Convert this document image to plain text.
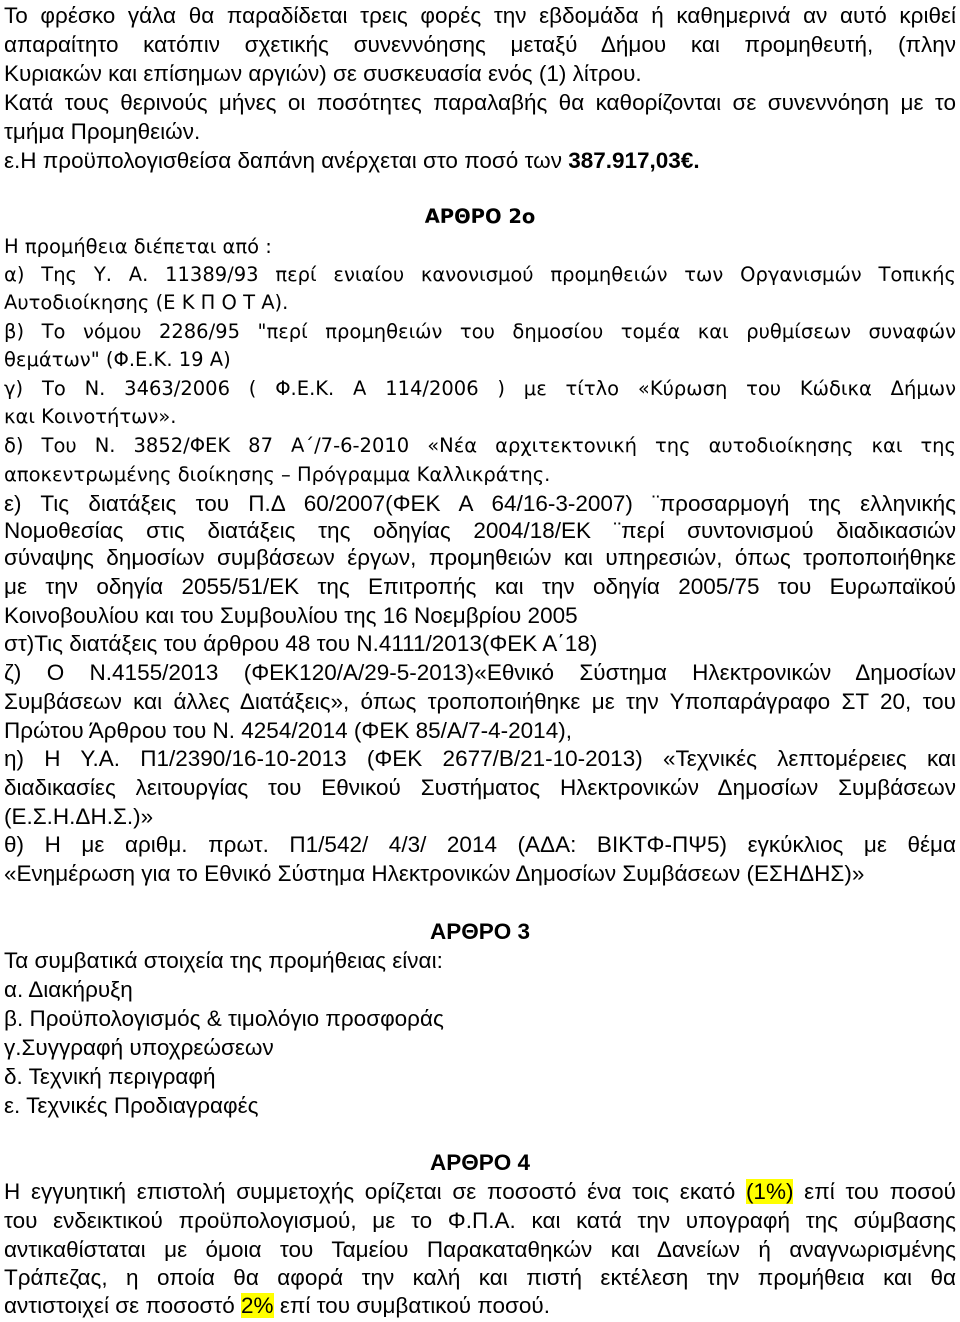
Το φρέσκο γάλα θα παραδίδεται τρεις φορές την εβδομάδα ή καθημερινά αν αυτό κριθεί
απαραίτητο κατόπιν σχετικής συνεννόησης μεταξύ Δήμου και προμηθευτή, (πλην
Κυριακών και επίσημων αργιών) σε συσκευασία ενός (1) λίτρου.
Κατά τους θερινούς μήνες οι ποσότητες παραλαβής θα καθορίζονται σε συνεννόηση με το
τμήμα Προμηθειών.
ε.Η προϋπολογισθείσα δαπάνη ανέρχεται στο ποσό των 387.917,03€.
ΑΡΘΡΟ 2ο
Η προμήθεια διέπεται από :
α) Της Υ. Α. 11389/93 περί ενιαίου κανονισμού προμηθειών των Οργανισμών Τοπικής
Αυτοδιοίκησης (Ε Κ Π Ο Τ Α).
β) Το νόμου 2286/95 "περί προμηθειών του δημοσίου τομέα και ρυθμίσεων συναφών
θεμάτων" (Φ.Ε.Κ. 19 Α)
γ) Το Ν. 3463/2006 ( Φ.Ε.Κ. Α 114/2006 ) με τίτλο «Κύρωση του Κώδικα Δήμων
και Κοινοτήτων».
δ) Του Ν. 3852/ΦΕΚ 87 Α΄/7-6-2010 «Νέα αρχιτεκτονική της αυτοδιοίκησης και της
αποκεντρωμένης διοίκησης – Πρόγραμμα Καλλικράτης.
ε) Τις διατάξεις του Π.Δ 60/2007(ΦΕΚ Α 64/16-3-2007) ¨προσαρμογή της ελληνικής
Νομοθεσίας στις διατάξεις της οδηγίας 2004/18/ΕΚ ¨περί συντονισμού διαδικασιών
σύναψης δημοσίων συμβάσεων έργων, προμηθειών και υπηρεσιών, όπως τροποποιήθηκε
με την οδηγία 2055/51/ΕΚ της Επιτροπής και την οδηγία 2005/75 του Ευρωπαϊκού
Κοινοβουλίου και του Συμβουλίου της 16 Νοεμβρίου 2005
στ)Τις διατάξεις του άρθρου 48 του Ν.4111/2013(ΦΕΚ Α΄18)
ζ) Ο Ν.4155/2013 (ΦΕΚ120/Α/29-5-2013)«Εθνικό Σύστημα Ηλεκτρονικών Δημοσίων
Συμβάσεων και άλλες Διατάξεις», όπως τροποποιήθηκε με την Υποπαράγραφο ΣΤ 20, του
Πρώτου Άρθρου του Ν. 4254/2014 (ΦΕΚ 85/Α/7-4-2014),
η) Η Υ.Α. Π1/2390/16-10-2013 (ΦΕΚ 2677/Β/21-10-2013) «Τεχνικές λεπτομέρειες και
διαδικασίες λειτουργίας του Εθνικού Συστήματος Ηλεκτρονικών Δημοσίων Συμβάσεων
(Ε.Σ.Η.ΔΗ.Σ.)»
θ) Η με αριθμ. πρωτ. Π1/542/ 4/3/ 2014 (ΑΔΑ: ΒΙΚΤΦ-ΠΨ5) εγκύκλιος με θέμα
«Ενημέρωση για το Εθνικό Σύστημα Ηλεκτρονικών Δημοσίων Συμβάσεων (ΕΣΗΔΗΣ)»
ΑΡΘΡΟ 3
Τα συμβατικά στοιχεία της προμήθειας είναι:
α. Διακήρυξη
β. Προϋπολογισμός & τιμολόγιο προσφοράς
γ.Συγγραφή υποχρεώσεων
δ. Τεχνική περιγραφή
ε. Τεχνικές Προδιαγραφές
ΑΡΘΡΟ 4
Η εγγυητική επιστολή συμμετοχής ορίζεται σε ποσοστό ένα τοις εκατό (1%) επί του ποσού
του ενδεικτικού προϋπολογισμού, με το Φ.Π.Α. και κατά την υπογραφή της σύμβασης
αντικαθίσταται με όμοια του Ταμείου Παρακαταθηκών και Δανείων ή αναγνωρισμένης
Τράπεζας, η οποία θα αφορά την καλή και πιστή εκτέλεση την προμήθεια και θα
αντιστοιχεί σε ποσοστό 2% επί του συμβατικού ποσού.
